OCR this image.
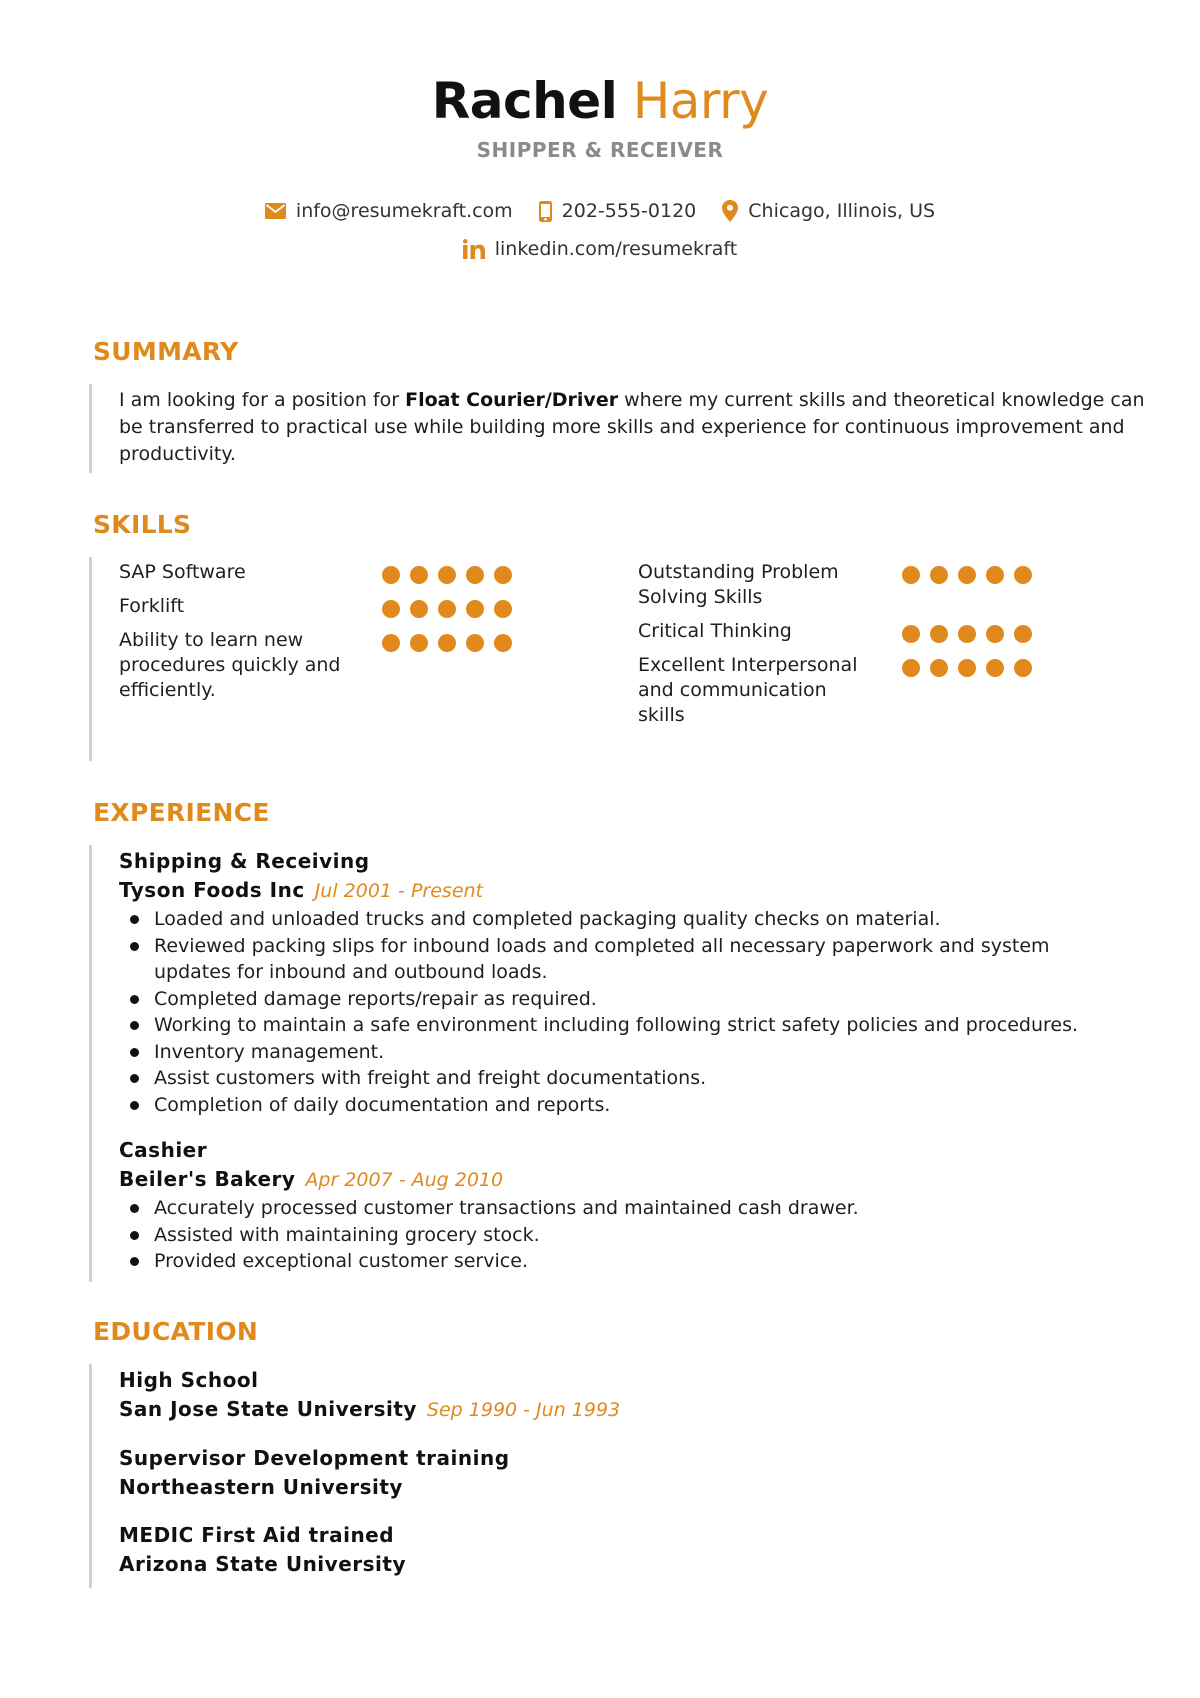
Rachel Harry
SHIPPER & RECEIVER
info@resumekraft.com	202-555-0120	Chicago, Illinois, US
linkedin.com/resumekraft
SUMMARY

I am looking for a position for Float Courier/Driver where my current skills and theoretical knowledge can be transferred to practical use while building more skills and experience for continuous improvement and productivity.

SKILLS
SAP Software
Forklift
Ability to learn new procedures quickly and efficiently.
Outstanding Problem Solving Skills
Critical Thinking
Excellent Interpersonal and communication skills
EXPERIENCE
Shipping & Receiving
Tyson Foods Inc Jul 2001 - Present
Loaded and unloaded trucks and completed packaging quality checks on material.
Reviewed packing slips for inbound loads and completed all necessary paperwork and system updates for inbound and outbound loads.
Completed damage reports/repair as required.
Working to maintain a safe environment including following strict safety policies and procedures.
Inventory management.
Assist customers with freight and freight documentations.
Completion of daily documentation and reports.
Cashier
Beiler's Bakery Apr 2007 - Aug 2010
Accurately processed customer transactions and maintained cash drawer.
Assisted with maintaining grocery stock.
Provided exceptional customer service.
EDUCATION
High School
San Jose State University Sep 1990 - Jun 1993
Supervisor Development training
Northeastern University
MEDIC First Aid trained
Arizona State University
